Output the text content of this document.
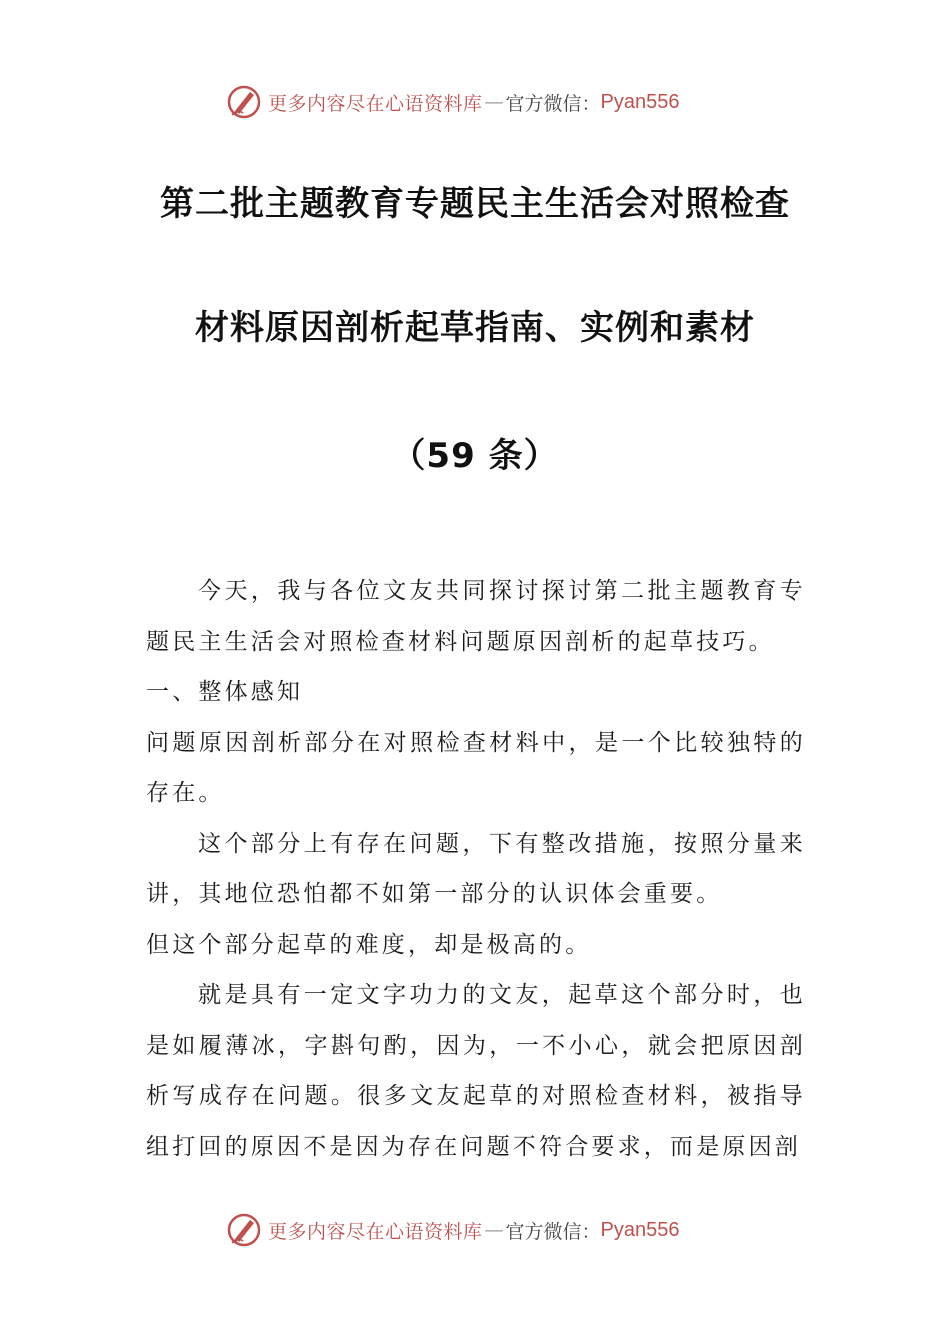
更多内容尽在心语资料库 — 官方微信： Pyan556
第二批主题教育专题民主生活会对照检查
材料原因剖析起草指南、实例和素材
（59 条）

今天，我与各位文友共同探讨探讨第二批主题教育专题民主生活会对照检查材料问题原因剖析的起草技巧。

一、整体感知

问题原因剖析部分在对照检查材料中，是一个比较独特的存在。

这个部分上有存在问题，下有整改措施，按照分量来讲，其地位恐怕都不如第一部分的认识体会重要。

但这个部分起草的难度，却是极高的。

就是具有一定文字功力的文友，起草这个部分时，也是如履薄冰，字斟句酌，因为，一不小心，就会把原因剖析写成存在问题。很多文友起草的对照检查材料，被指导组打回的原因不是因为存在问题不符合要求，而是原因剖

更多内容尽在心语资料库 — 官方微信： Pyan556
